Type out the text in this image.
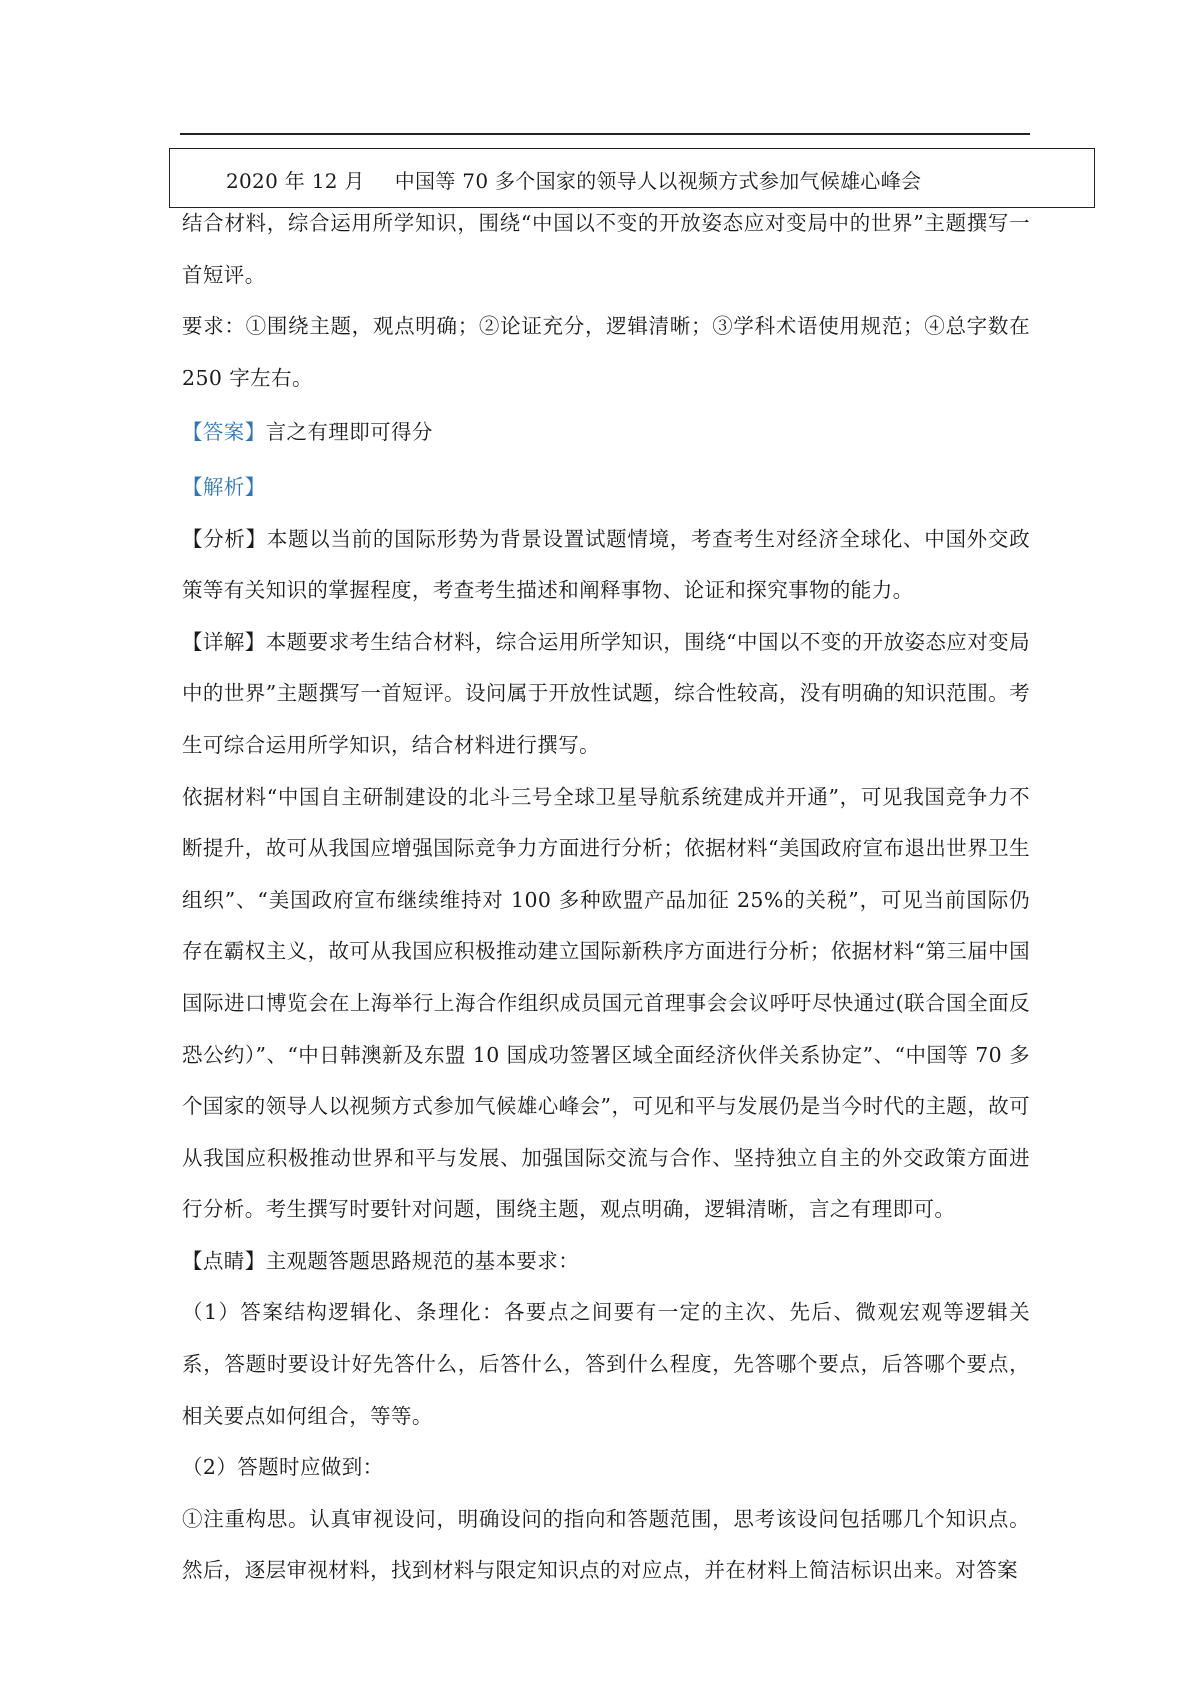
2020 年 12 月 中国等 70 多个国家的领导人以视频方式参加气候雄心峰会

结合材料，综合运用所学知识，围绕“中国以不变的开放姿态应对变局中的世界”主题撰写一首短评。

要求：①围绕主题，观点明确；②论证充分，逻辑清晰；③学科术语使用规范；④总字数在 250 字左右。

【答案】言之有理即可得分

【解析】

【分析】本题以当前的国际形势为背景设置试题情境，考查考生对经济全球化、中国外交政策等有关知识的掌握程度，考查考生描述和阐释事物、论证和探究事物的能力。

【详解】本题要求考生结合材料，综合运用所学知识，围绕“中国以不变的开放姿态应对变局中的世界”主题撰写一首短评。设问属于开放性试题，综合性较高，没有明确的知识范围。考生可综合运用所学知识，结合材料进行撰写。

依据材料“中国自主研制建设的北斗三号全球卫星导航系统建成并开通”，可见我国竞争力不断提升，故可从我国应增强国际竞争力方面进行分析；依据材料“美国政府宣布退出世界卫生组织”、“美国政府宣布继续维持对 100 多种欧盟产品加征 25%的关税”，可见当前国际仍存在霸权主义，故可从我国应积极推动建立国际新秩序方面进行分析；依据材料“第三届中国国际进口博览会在上海举行上海合作组织成员国元首理事会会议呼吁尽快通过(联合国全面反恐公约）”、“中日韩澳新及东盟 10 国成功签署区域全面经济伙伴关系协定”、“中国等 70 多个国家的领导人以视频方式参加气候雄心峰会”，可见和平与发展仍是当今时代的主题，故可从我国应积极推动世界和平与发展、加强国际交流与合作、坚持独立自主的外交政策方面进行分析。考生撰写时要针对问题，围绕主题，观点明确，逻辑清晰，言之有理即可。

【点睛】主观题答题思路规范的基本要求：

（1）答案结构逻辑化、条理化：各要点之间要有一定的主次、先后、微观宏观等逻辑关系，答题时要设计好先答什么，后答什么，答到什么程度，先答哪个要点，后答哪个要点，相关要点如何组合，等等。

（2）答题时应做到：

①注重构思。认真审视设问，明确设问的指向和答题范围，思考该设问包括哪几个知识点。然后，逐层审视材料，找到材料与限定知识点的对应点，并在材料上简洁标识出来。对答案
